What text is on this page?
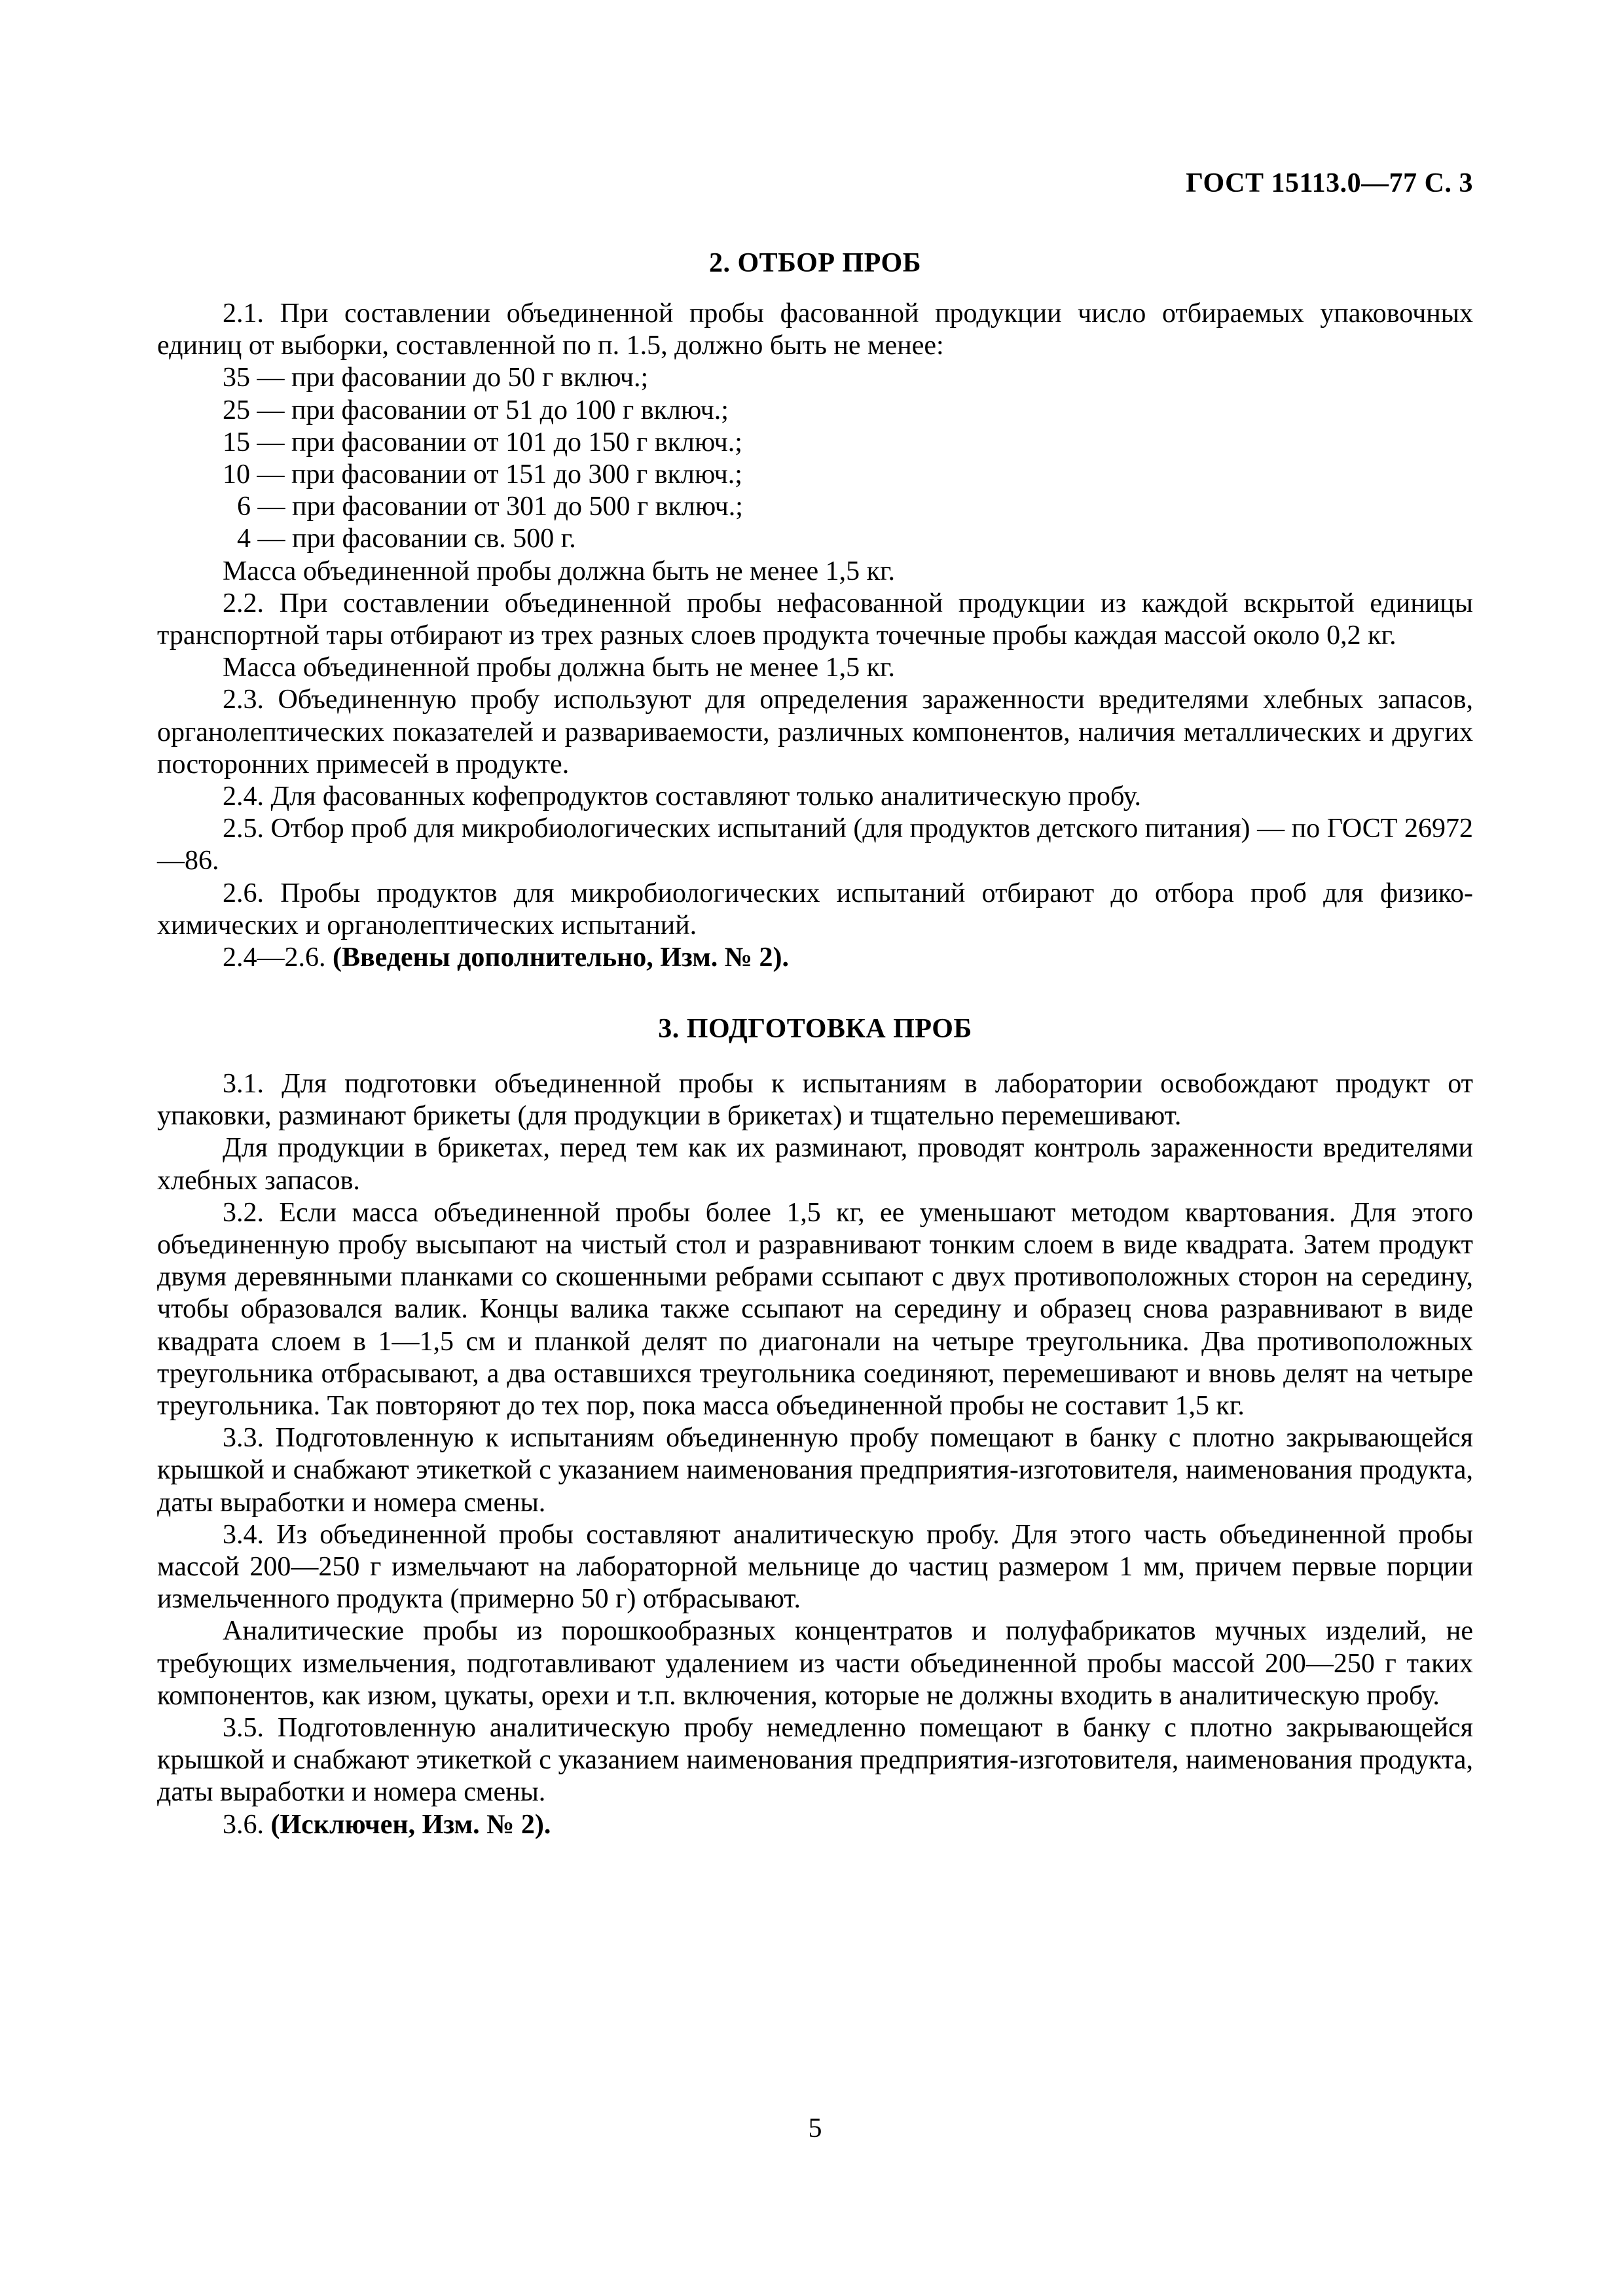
ГОСТ 15113.0—77 С. 3
2. ОТБОР ПРОБ

2.1. При составлении объединенной пробы фасованной продукции число отбираемых упаковочных единиц от выборки, составленной по п. 1.5, должно быть не менее:

35 — при фасовании до 50 г включ.;

25 — при фасовании от 51 до 100 г включ.;

15 — при фасовании от 101 до 150 г включ.;

10 — при фасовании от 151 до 300 г включ.;

6 — при фасовании от 301 до 500 г включ.;

4 — при фасовании св. 500 г.

Масса объединенной пробы должна быть не менее 1,5 кг.

2.2. При составлении объединенной пробы нефасованной продукции из каждой вскрытой единицы транспортной тары отбирают из трех разных слоев продукта точечные пробы каждая массой около 0,2 кг.

Масса объединенной пробы должна быть не менее 1,5 кг.

2.3. Объединенную пробу используют для определения зараженности вредителями хлебных запасов, органолептических показателей и развариваемости, различных компонентов, наличия металлических и других посторонних примесей в продукте.

2.4. Для фасованных кофепродуктов составляют только аналитическую пробу.

2.5. Отбор проб для микробиологических испытаний (для продуктов детского питания) — по ГОСТ 26972—86.

2.6. Пробы продуктов для микробиологических испытаний отбирают до отбора проб для физико-химических и органолептических испытаний.

2.4—2.6. (Введены дополнительно, Изм. № 2).

3. ПОДГОТОВКА ПРОБ

3.1. Для подготовки объединенной пробы к испытаниям в лаборатории освобождают продукт от упаковки, разминают брикеты (для продукции в брикетах) и тщательно перемешивают.

Для продукции в брикетах, перед тем как их разминают, проводят контроль зараженности вредителями хлебных запасов.

3.2. Если масса объединенной пробы более 1,5 кг, ее уменьшают методом квартования. Для этого объединенную пробу высыпают на чистый стол и разравнивают тонким слоем в виде квадрата. Затем продукт двумя деревянными планками со скошенными ребрами ссыпают с двух противоположных сторон на середину, чтобы образовался валик. Концы валика также ссыпают на середину и образец снова разравнивают в виде квадрата слоем в 1—1,5 см и планкой делят по диагонали на четыре треугольника. Два противоположных треугольника отбрасывают, а два оставшихся треугольника соединяют, перемешивают и вновь делят на четыре треугольника. Так повторяют до тех пор, пока масса объединенной пробы не составит 1,5 кг.

3.3. Подготовленную к испытаниям объединенную пробу помещают в банку с плотно закрывающейся крышкой и снабжают этикеткой с указанием наименования предприятия-изготовителя, наименования продукта, даты выработки и номера смены.

3.4. Из объединенной пробы составляют аналитическую пробу. Для этого часть объединенной пробы массой 200—250 г измельчают на лабораторной мельнице до частиц размером 1 мм, причем первые порции измельченного продукта (примерно 50 г) отбрасывают.

Аналитические пробы из порошкообразных концентратов и полуфабрикатов мучных изделий, не требующих измельчения, подготавливают удалением из части объединенной пробы массой 200—250 г таких компонентов, как изюм, цукаты, орехи и т.п. включения, которые не должны входить в аналитическую пробу.

3.5. Подготовленную аналитическую пробу немедленно помещают в банку с плотно закрывающейся крышкой и снабжают этикеткой с указанием наименования предприятия-изготовителя, наименования продукта, даты выработки и номера смены.

3.6. (Исключен, Изм. № 2).

5
